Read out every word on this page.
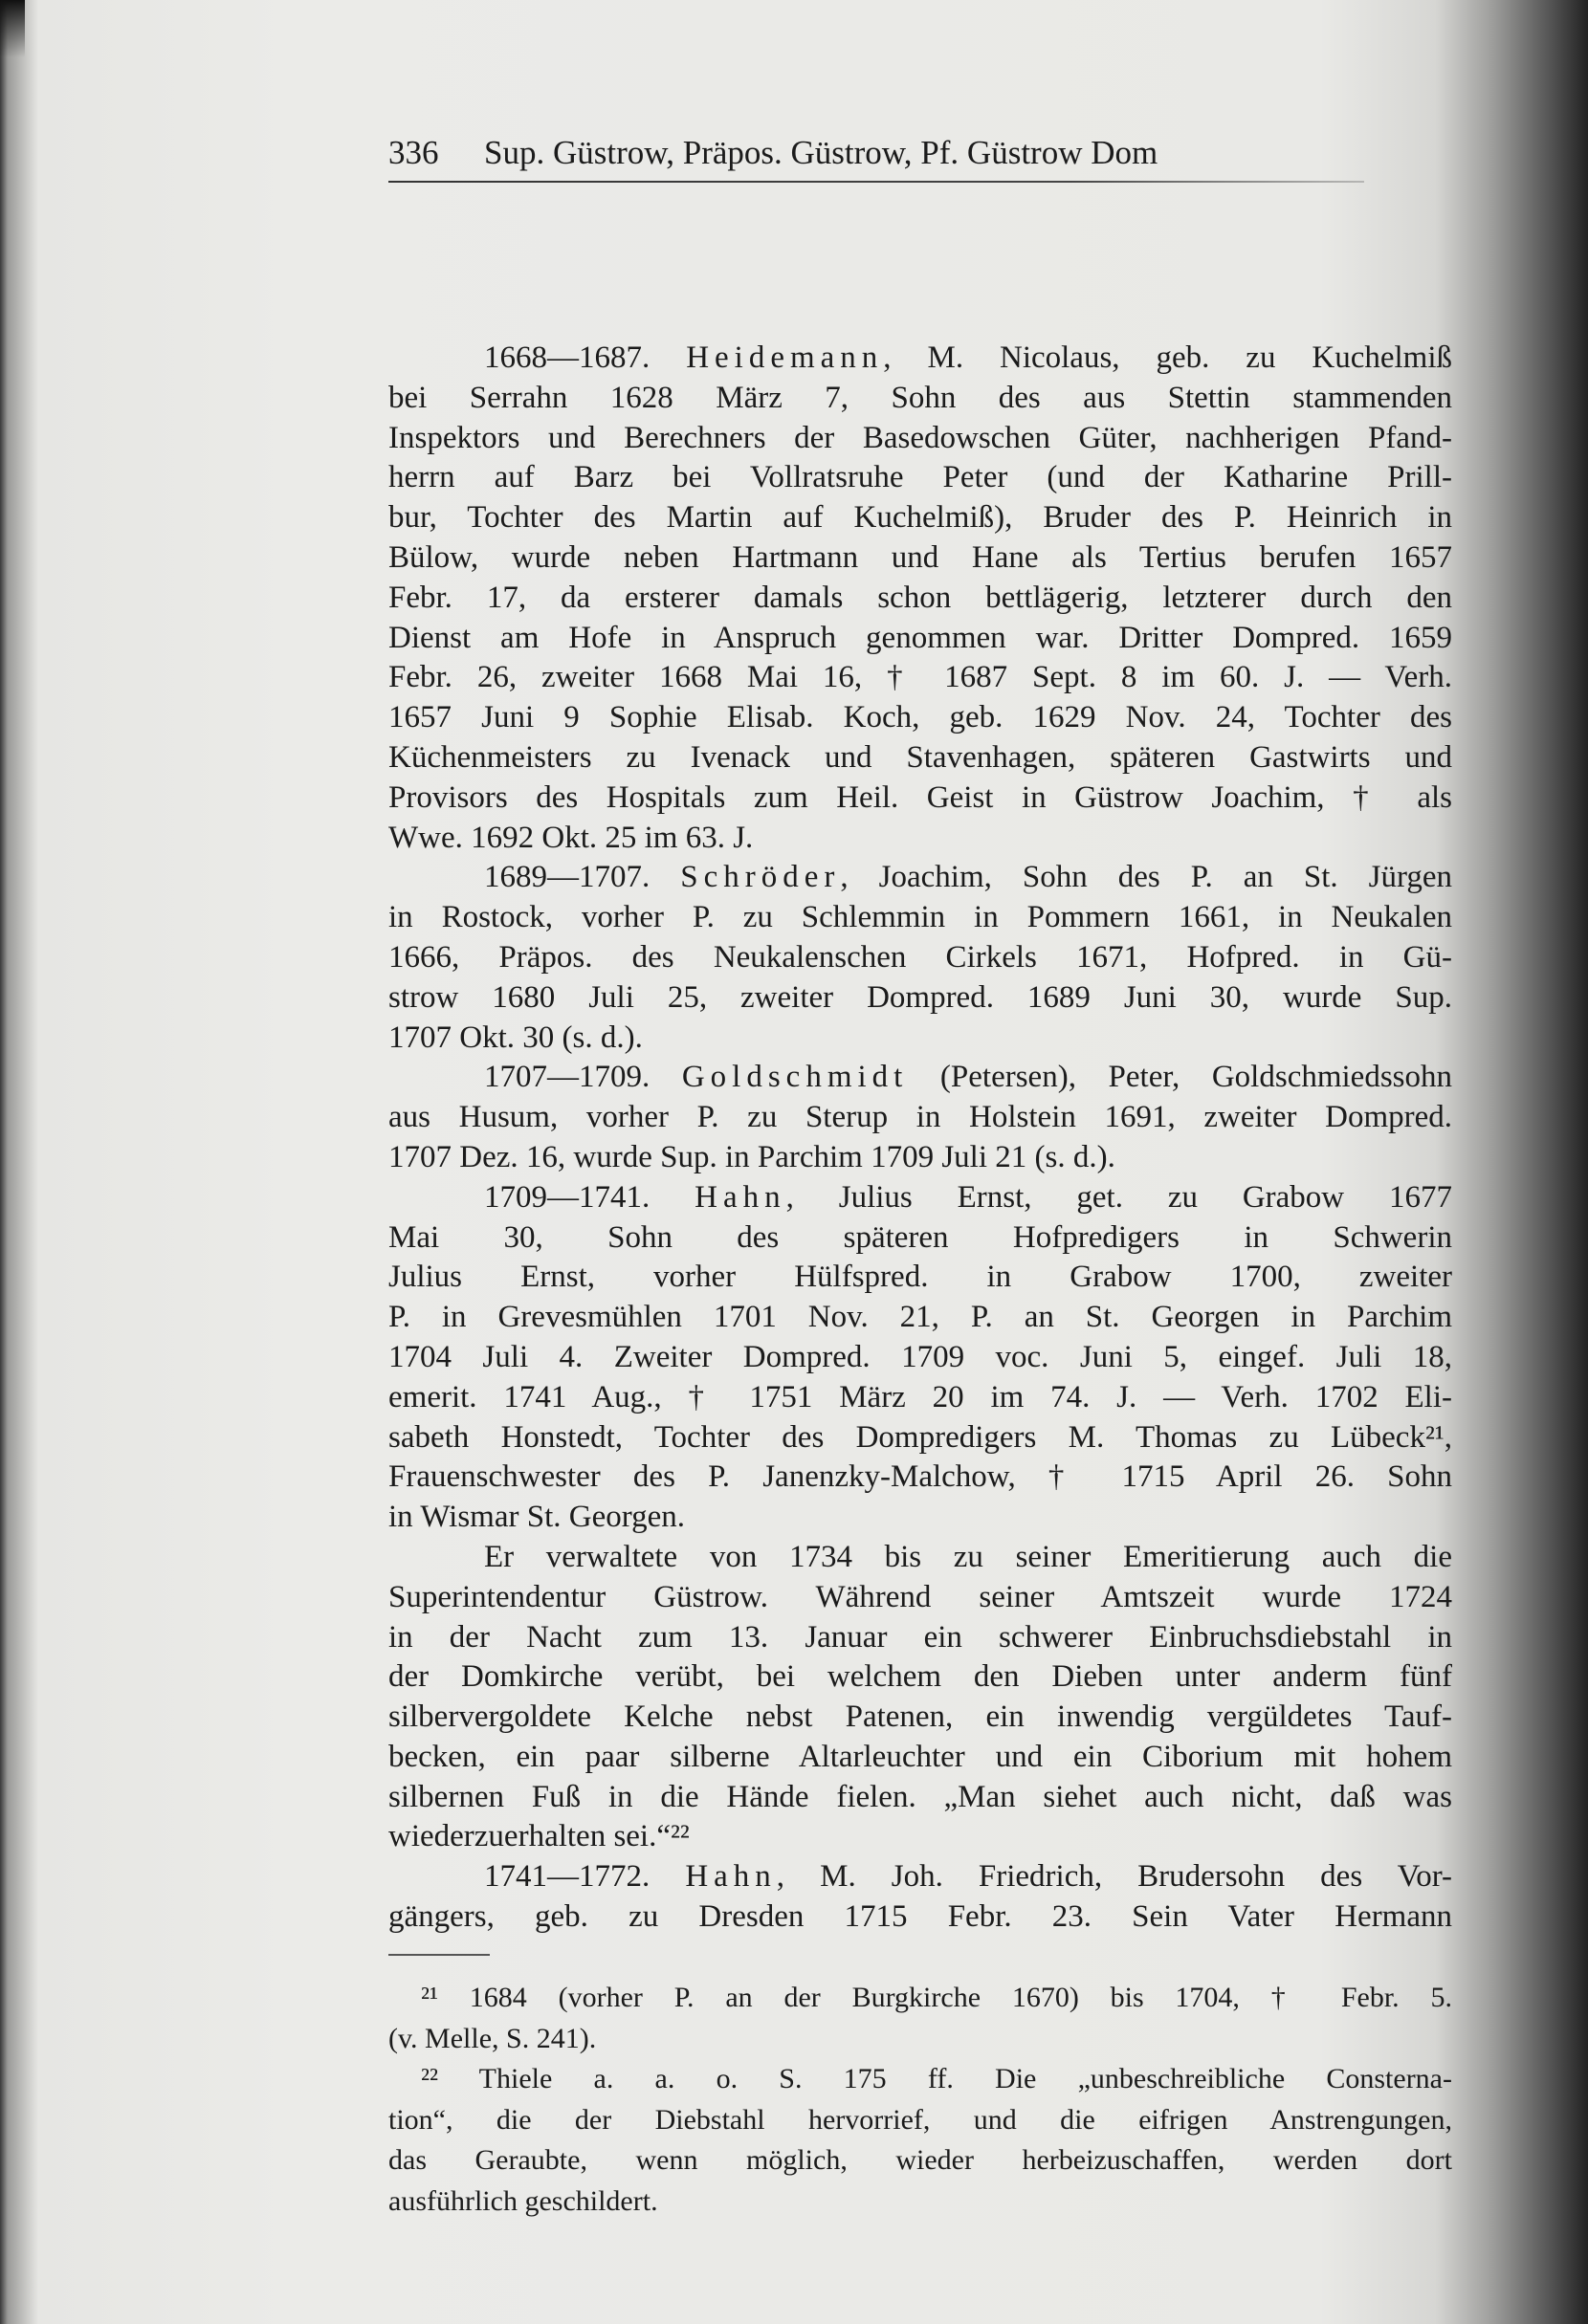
336 Sup. Güstrow, Präpos. Güstrow, Pf. Güstrow Dom
1668—1687. Heidemann, M. Nicolaus, geb. zu Kuchelmiß
bei Serrahn 1628 März 7, Sohn des aus Stettin stammenden
Inspektors und Berechners der Basedowschen Güter, nachherigen Pfand-
herrn auf Barz bei Vollratsruhe Peter (und der Katharine Prill-
bur, Tochter des Martin auf Kuchelmiß), Bruder des P. Heinrich in
Bülow, wurde neben Hartmann und Hane als Tertius berufen 1657
Febr. 17, da ersterer damals schon bettlägerig, letzterer durch den
Dienst am Hofe in Anspruch genommen war. Dritter Dompred. 1659
Febr. 26, zweiter 1668 Mai 16, † 1687 Sept. 8 im 60. J. — Verh.
1657 Juni 9 Sophie Elisab. Koch, geb. 1629 Nov. 24, Tochter des
Küchenmeisters zu Ivenack und Stavenhagen, späteren Gastwirts und
Provisors des Hospitals zum Heil. Geist in Güstrow Joachim, † als
Wwe. 1692 Okt. 25 im 63. J.
1689—1707. Schröder, Joachim, Sohn des P. an St. Jürgen
in Rostock, vorher P. zu Schlemmin in Pommern 1661, in Neukalen
1666, Präpos. des Neukalenschen Cirkels 1671, Hofpred. in Gü-
strow 1680 Juli 25, zweiter Dompred. 1689 Juni 30, wurde Sup.
1707 Okt. 30 (s. d.).
1707—1709. Goldschmidt (Petersen), Peter, Goldschmiedssohn
aus Husum, vorher P. zu Sterup in Holstein 1691, zweiter Dompred.
1707 Dez. 16, wurde Sup. in Parchim 1709 Juli 21 (s. d.).
1709—1741. Hahn, Julius Ernst, get. zu Grabow 1677
Mai 30, Sohn des späteren Hofpredigers in Schwerin
Julius Ernst, vorher Hülfspred. in Grabow 1700, zweiter
P. in Grevesmühlen 1701 Nov. 21, P. an St. Georgen in Parchim
1704 Juli 4. Zweiter Dompred. 1709 voc. Juni 5, eingef. Juli 18,
emerit. 1741 Aug., † 1751 März 20 im 74. J. — Verh. 1702 Eli-
sabeth Honstedt, Tochter des Dompredigers M. Thomas zu Lübeck²¹,
Frauenschwester des P. Janenzky-Malchow, † 1715 April 26. Sohn
in Wismar St. Georgen.
Er verwaltete von 1734 bis zu seiner Emeritierung auch die
Superintendentur Güstrow. Während seiner Amtszeit wurde 1724
in der Nacht zum 13. Januar ein schwerer Einbruchsdiebstahl in
der Domkirche verübt, bei welchem den Dieben unter anderm fünf
silbervergoldete Kelche nebst Patenen, ein inwendig vergüldetes Tauf-
becken, ein paar silberne Altarleuchter und ein Ciborium mit hohem
silbernen Fuß in die Hände fielen. „Man siehet auch nicht, daß was
wiederzuerhalten sei.“²²
1741—1772. Hahn, M. Joh. Friedrich, Brudersohn des Vor-
gängers, geb. zu Dresden 1715 Febr. 23. Sein Vater Hermann
²¹ 1684 (vorher P. an der Burgkirche 1670) bis 1704, † Febr. 5.
(v. Melle, S. 241).
²² Thiele a. a. o. S. 175 ff. Die „unbeschreibliche Consterna-
tion“, die der Diebstahl hervorrief, und die eifrigen Anstrengungen,
das Geraubte, wenn möglich, wieder herbeizuschaffen, werden dort
ausführlich geschildert.
